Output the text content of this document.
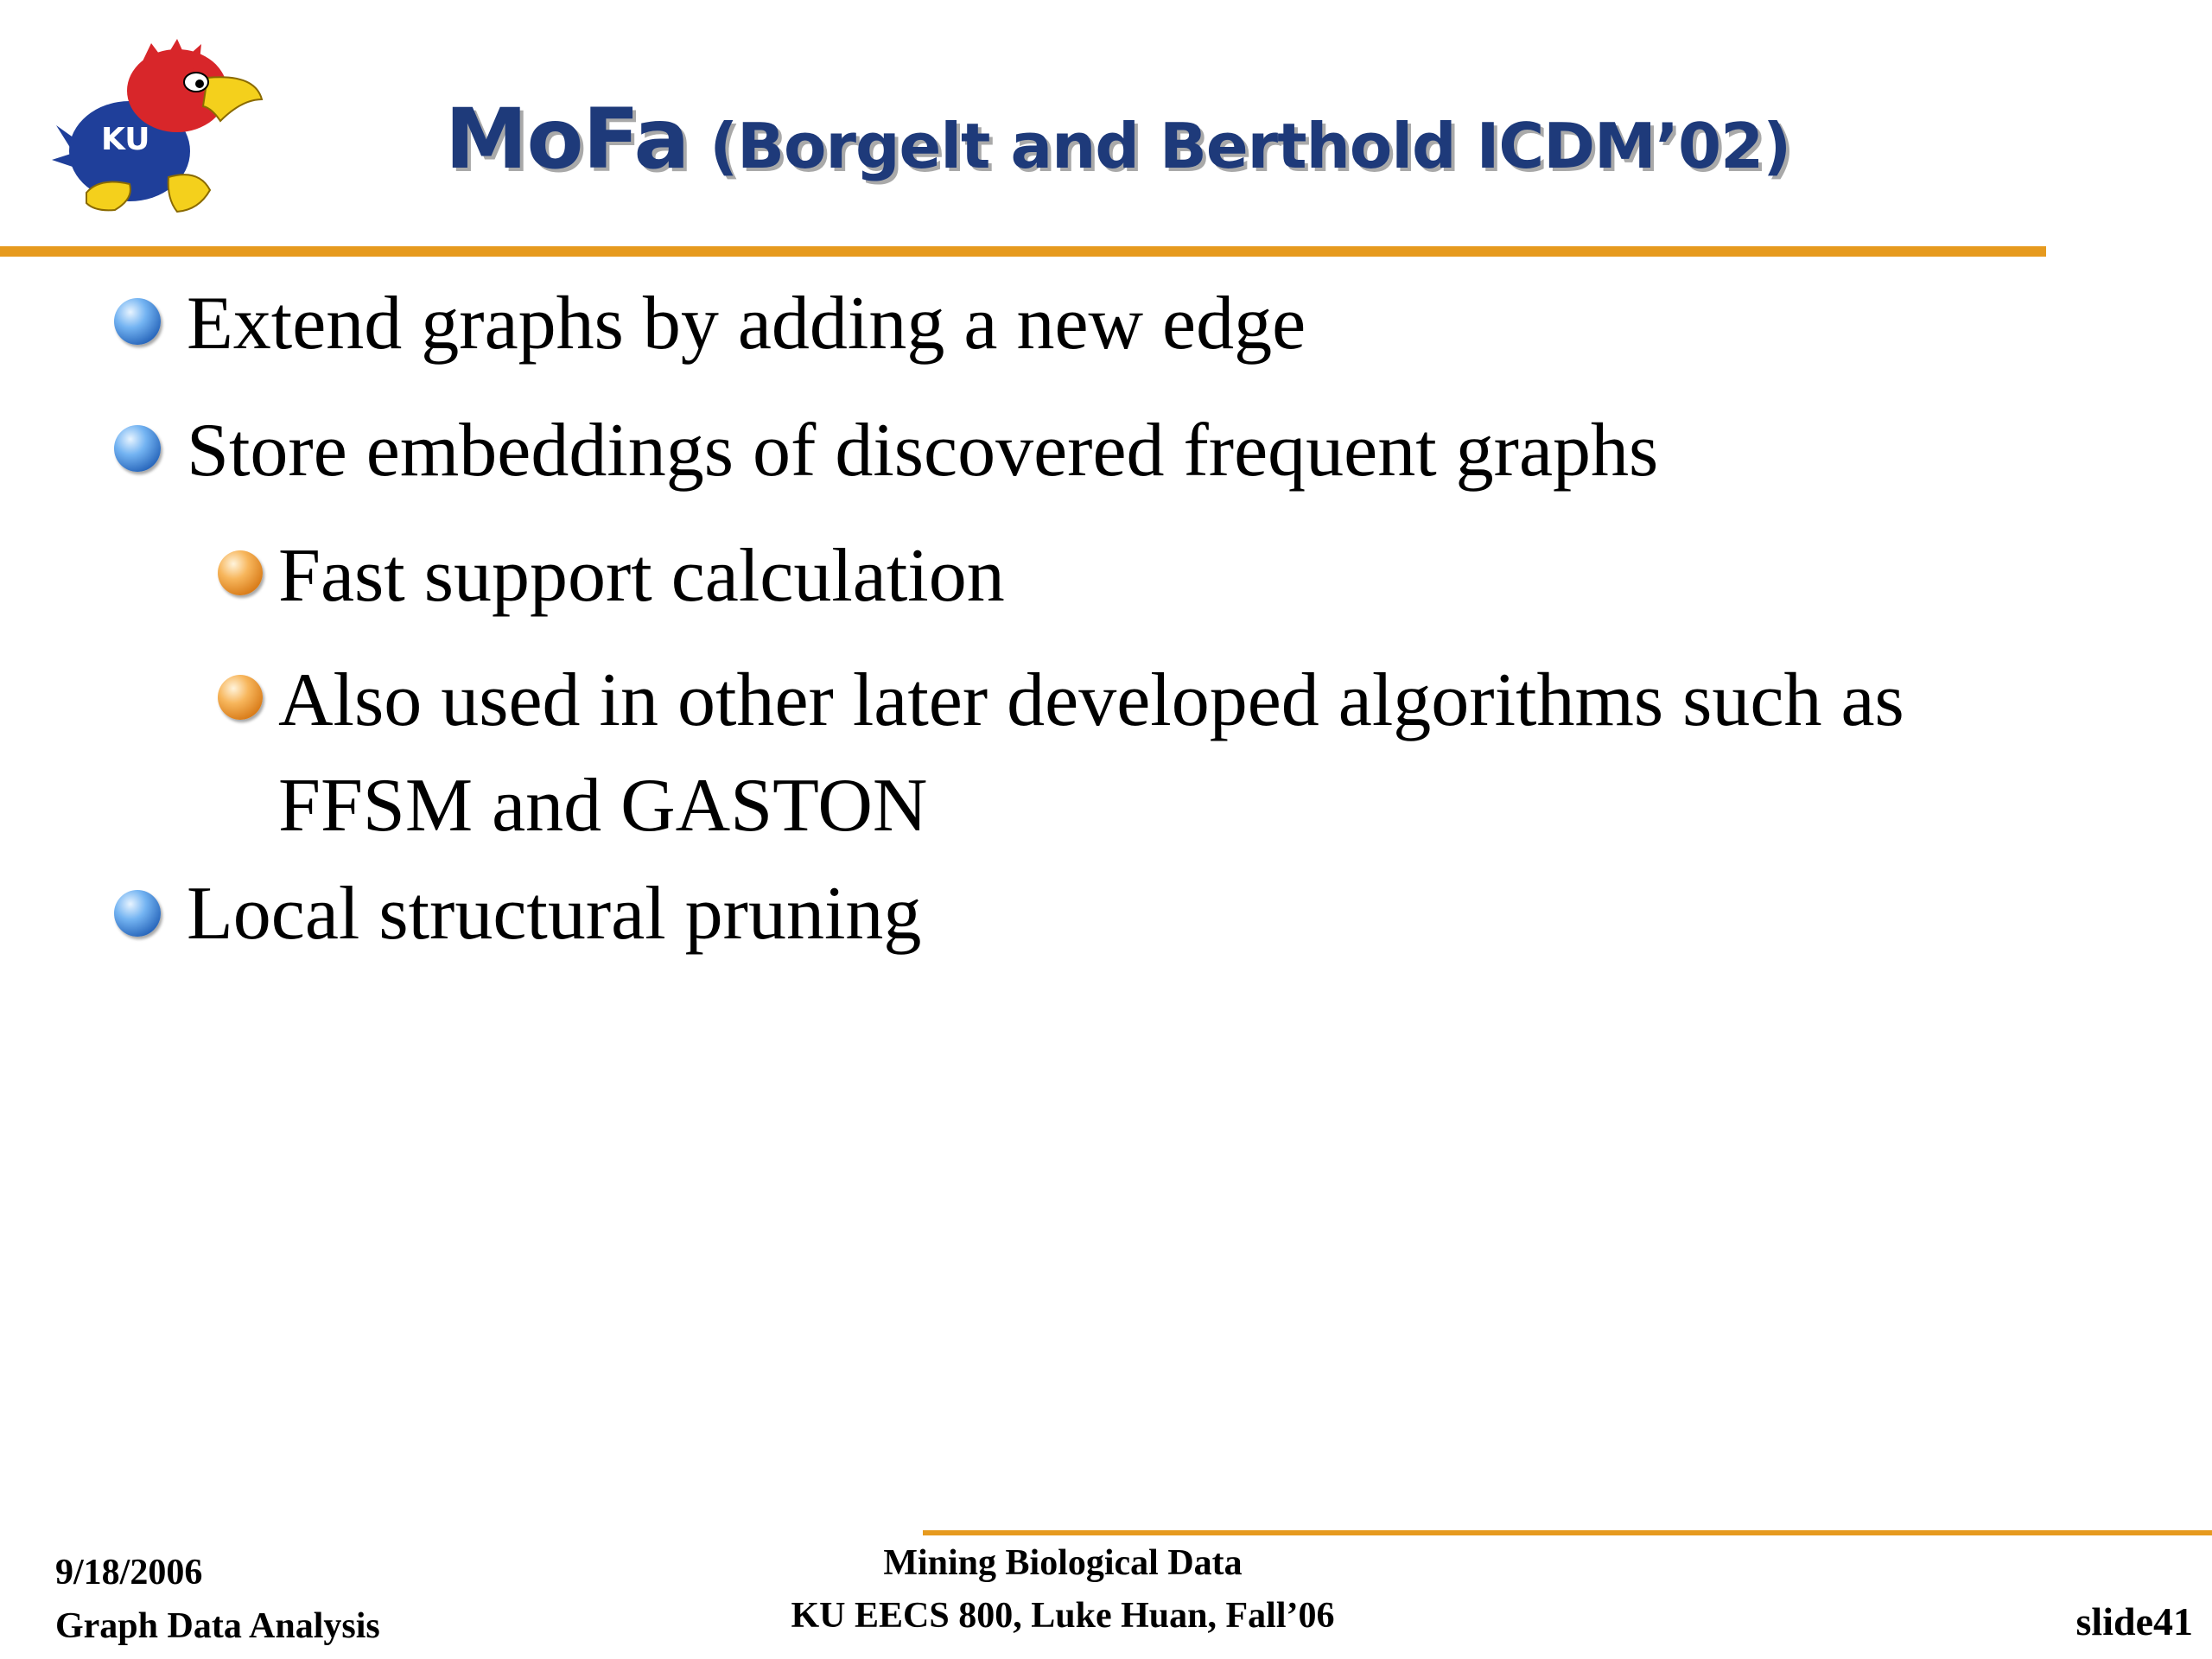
KU	MoFa (Borgelt and Berthold ICDM’02)
Extend graphs by adding a new edge
Store embeddings of discovered frequent graphs
Fast support calculation
Also used in other later developed algorithms such as
FFSM and GASTON
Local structural pruning
9/18/2006
Graph Data Analysis
Mining Biological Data
KU EECS 800, Luke Huan, Fall’06	slide41
